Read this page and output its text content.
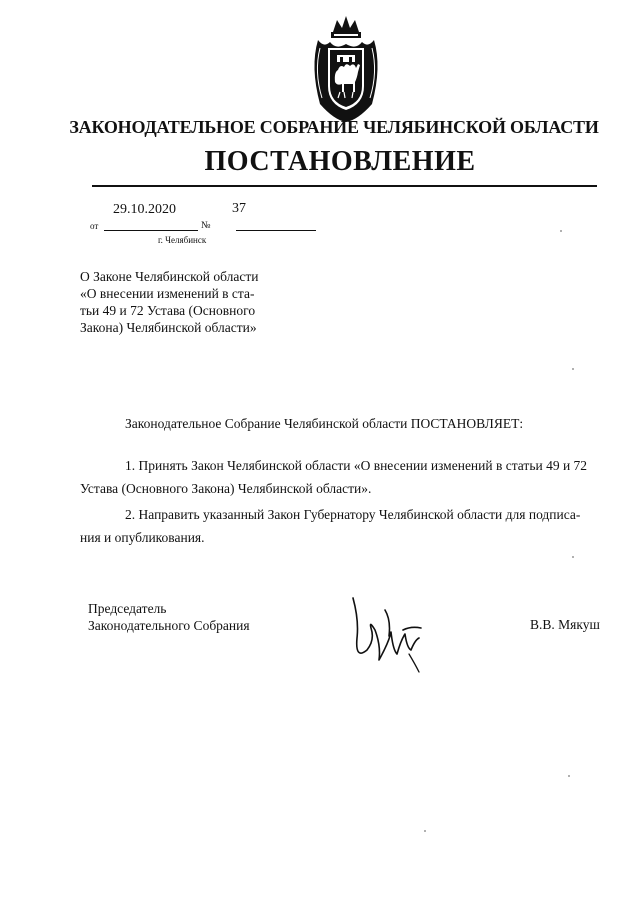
ЗАКОНОДАТЕЛЬНОЕ СОБРАНИЕ ЧЕЛЯБИНСКОЙ ОБЛАСТИ
ПОСТАНОВЛЕНИЕ
29.10.2020	37
от	№
г. Челябинск
О Законе Челябинской области
«О внесении изменений в ста-
тьи 49 и 72 Устава (Основного
Закона) Челябинской области»
Законодательное Собрание Челябинской области ПОСТАНОВЛЯЕТ:
1. Принять Закон Челябинской области «О внесении изменений в статьи 49 и 72
Устава (Основного Закона) Челябинской области».
2. Направить указанный Закон Губернатору Челябинской области для подписа-
ния и опубликования.
Председатель
Законодательного Собрания	В.В. Мякуш
